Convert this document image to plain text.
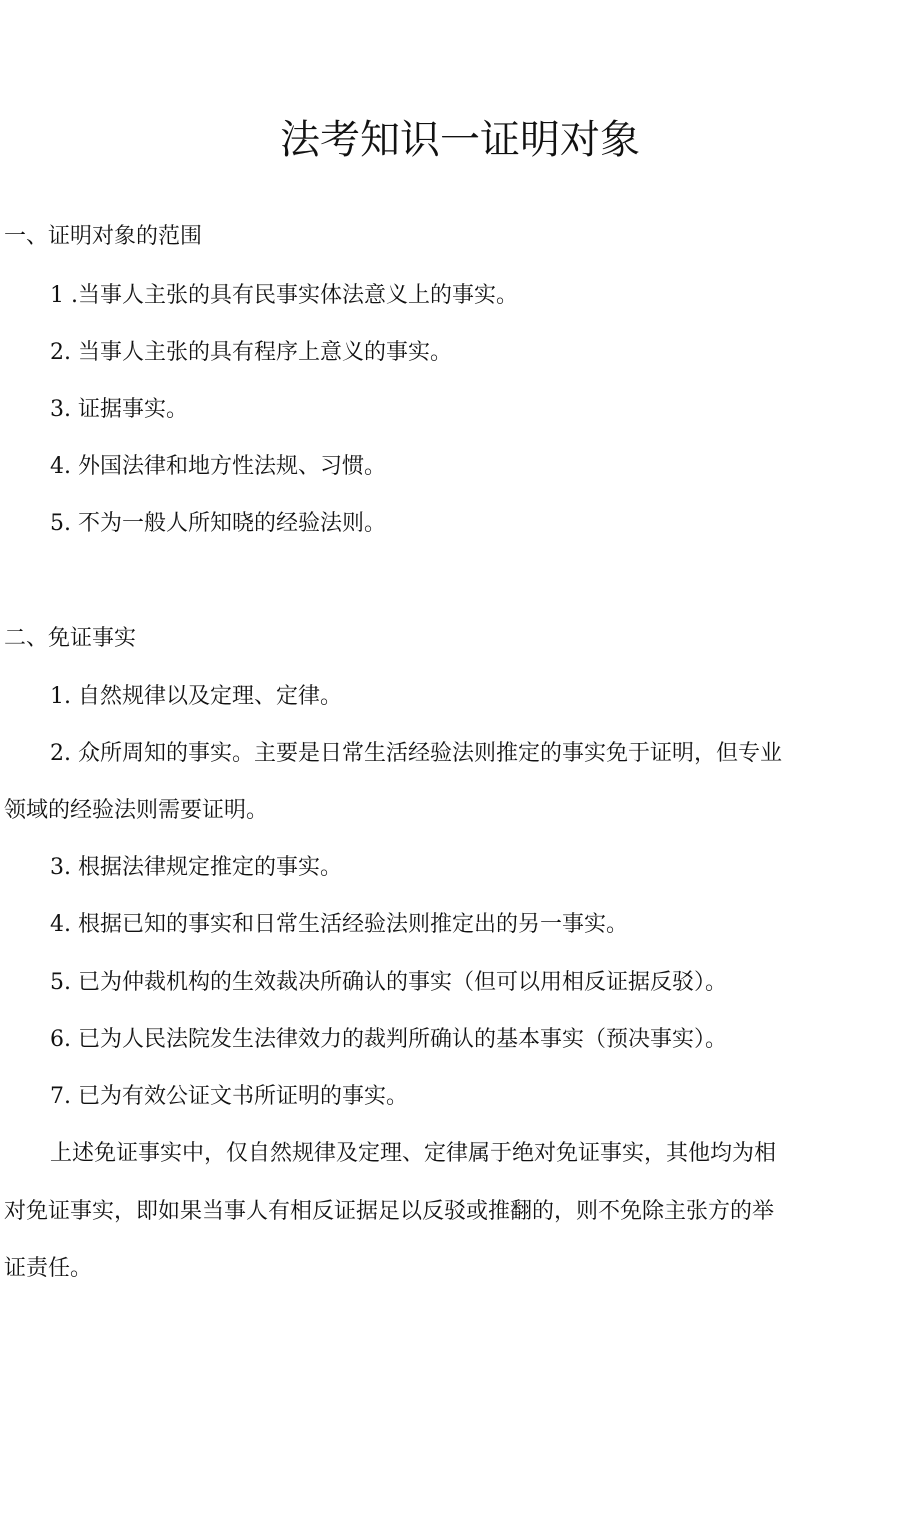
法考知识一证明对象

一、证明对象的范围

1 .当事人主张的具有民事实体法意义上的事实。

2. 当事人主张的具有程序上意义的事实。

3. 证据事实。

4. 外国法律和地方性法规、习惯。

5. 不为一般人所知晓的经验法则。

二、免证事实

1. 自然规律以及定理、定律。

2. 众所周知的事实。主要是日常生活经验法则推定的事实免于证明，但专业

领域的经验法则需要证明。

3. 根据法律规定推定的事实。

4. 根据已知的事实和日常生活经验法则推定出的另一事实。

5. 已为仲裁机构的生效裁决所确认的事实（但可以用相反证据反驳）。

6. 已为人民法院发生法律效力的裁判所确认的基本事实（预决事实）。

7. 已为有效公证文书所证明的事实。

上述免证事实中，仅自然规律及定理、定律属于绝对免证事实，其他均为相

对免证事实，即如果当事人有相反证据足以反驳或推翻的，则不免除主张方的举

证责任。
